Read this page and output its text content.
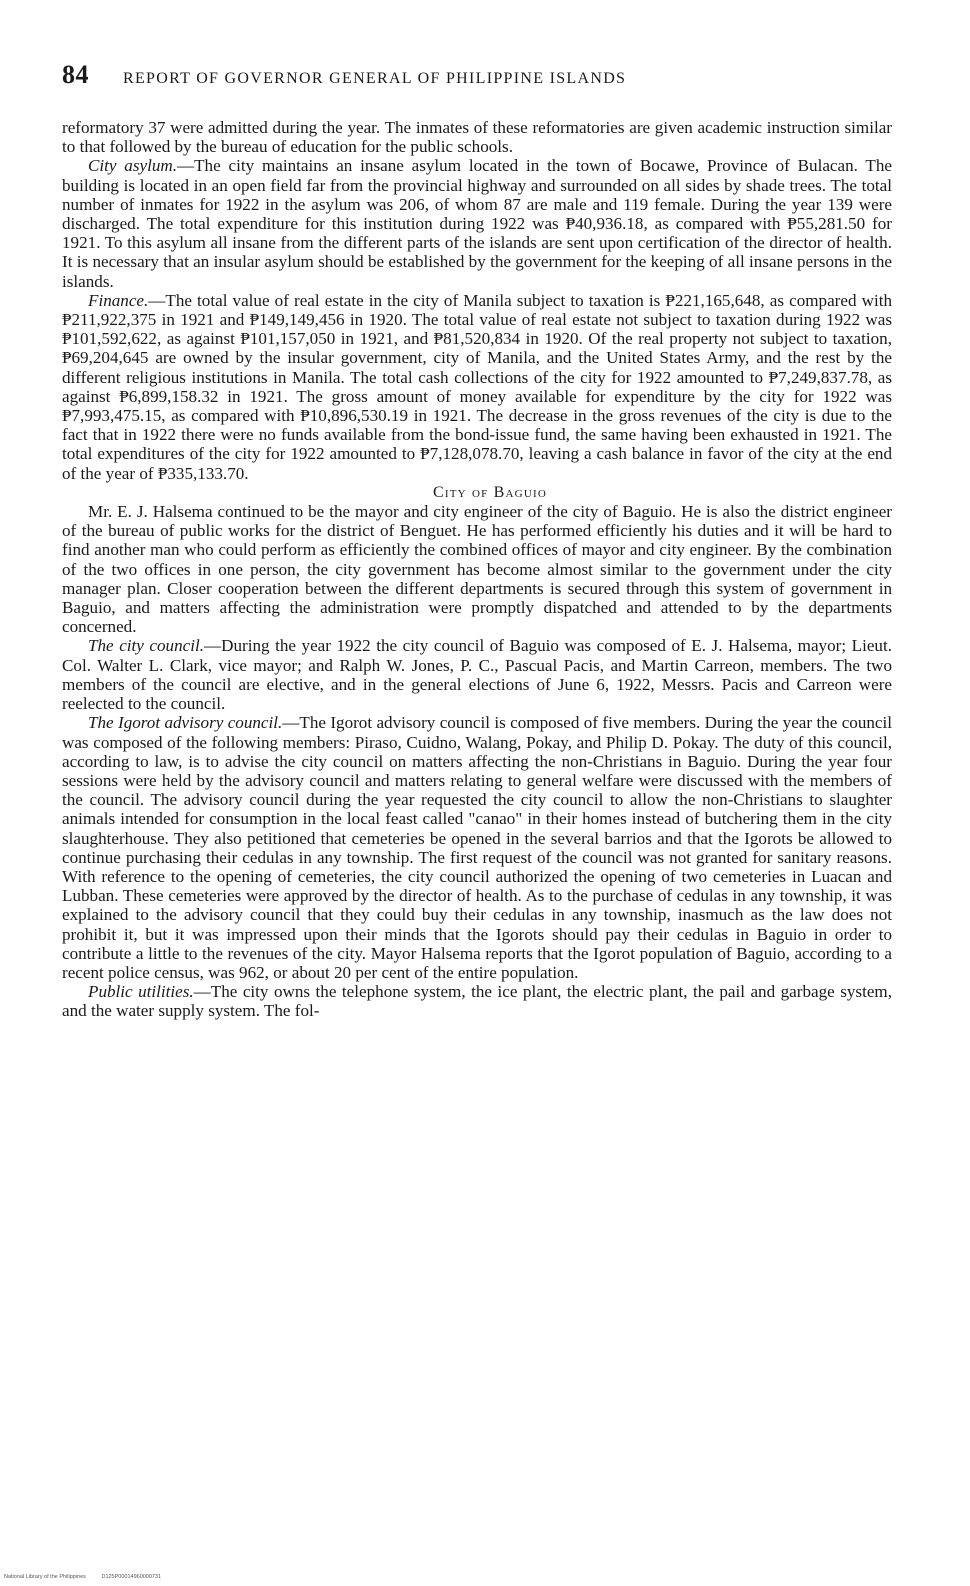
84 REPORT OF GOVERNOR GENERAL OF PHILIPPINE ISLANDS

reformatory 37 were admitted during the year. The inmates of these reformatories are given academic instruction similar to that followed by the bureau of education for the public schools.

City asylum.—The city maintains an insane asylum located in the town of Bocawe, Province of Bulacan. The building is located in an open field far from the provincial highway and surrounded on all sides by shade trees. The total number of inmates for 1922 in the asylum was 206, of whom 87 are male and 119 female. During the year 139 were discharged. The total expenditure for this institution during 1922 was ₱40,936.18, as compared with ₱55,281.50 for 1921. To this asylum all insane from the different parts of the islands are sent upon certification of the director of health. It is necessary that an insular asylum should be established by the government for the keeping of all insane persons in the islands.

Finance.—The total value of real estate in the city of Manila subject to taxation is ₱221,165,648, as compared with ₱211,922,375 in 1921 and ₱149,149,456 in 1920. The total value of real estate not subject to taxation during 1922 was ₱101,592,622, as against ₱101,157,050 in 1921, and ₱81,520,834 in 1920. Of the real property not subject to taxation, ₱69,204,645 are owned by the insular government, city of Manila, and the United States Army, and the rest by the different religious institutions in Manila. The total cash collections of the city for 1922 amounted to ₱7,249,837.78, as against ₱6,899,158.32 in 1921. The gross amount of money available for expenditure by the city for 1922 was ₱7,993,475.15, as compared with ₱10,896,530.19 in 1921. The decrease in the gross revenues of the city is due to the fact that in 1922 there were no funds available from the bond-issue fund, the same having been exhausted in 1921. The total expenditures of the city for 1922 amounted to ₱7,128,078.70, leaving a cash balance in favor of the city at the end of the year of ₱335,133.70.

City of Baguio

Mr. E. J. Halsema continued to be the mayor and city engineer of the city of Baguio. He is also the district engineer of the bureau of public works for the district of Benguet. He has performed efficiently his duties and it will be hard to find another man who could perform as efficiently the combined offices of mayor and city engineer. By the combination of the two offices in one person, the city government has become almost similar to the government under the city manager plan. Closer cooperation between the different departments is secured through this system of government in Baguio, and matters affecting the administration were promptly dispatched and attended to by the departments concerned.

The city council.—During the year 1922 the city council of Baguio was composed of E. J. Halsema, mayor; Lieut. Col. Walter L. Clark, vice mayor; and Ralph W. Jones, P. C., Pascual Pacis, and Martin Carreon, members. The two members of the council are elective, and in the general elections of June 6, 1922, Messrs. Pacis and Carreon were reelected to the council.

The Igorot advisory council.—The Igorot advisory council is composed of five members. During the year the council was composed of the following members: Piraso, Cuidno, Walang, Pokay, and Philip D. Pokay. The duty of this council, according to law, is to advise the city council on matters affecting the non-Christians in Baguio. During the year four sessions were held by the advisory council and matters relating to general welfare were discussed with the members of the council. The advisory council during the year requested the city council to allow the non-Christians to slaughter animals intended for consumption in the local feast called "canao" in their homes instead of butchering them in the city slaughterhouse. They also petitioned that cemeteries be opened in the several barrios and that the Igorots be allowed to continue purchasing their cedulas in any township. The first request of the council was not granted for sanitary reasons. With reference to the opening of cemeteries, the city council authorized the opening of two cemeteries in Luacan and Lubban. These cemeteries were approved by the director of health. As to the purchase of cedulas in any township, it was explained to the advisory council that they could buy their cedulas in any township, inasmuch as the law does not prohibit it, but it was impressed upon their minds that the Igorots should pay their cedulas in Baguio in order to contribute a little to the revenues of the city. Mayor Halsema reports that the Igorot population of Baguio, according to a recent police census, was 962, or about 20 per cent of the entire population.

Public utilities.—The city owns the telephone system, the ice plant, the electric plant, the pail and garbage system, and the water supply system. The fol-

National Library of the Philippines	D125P00014960000731
